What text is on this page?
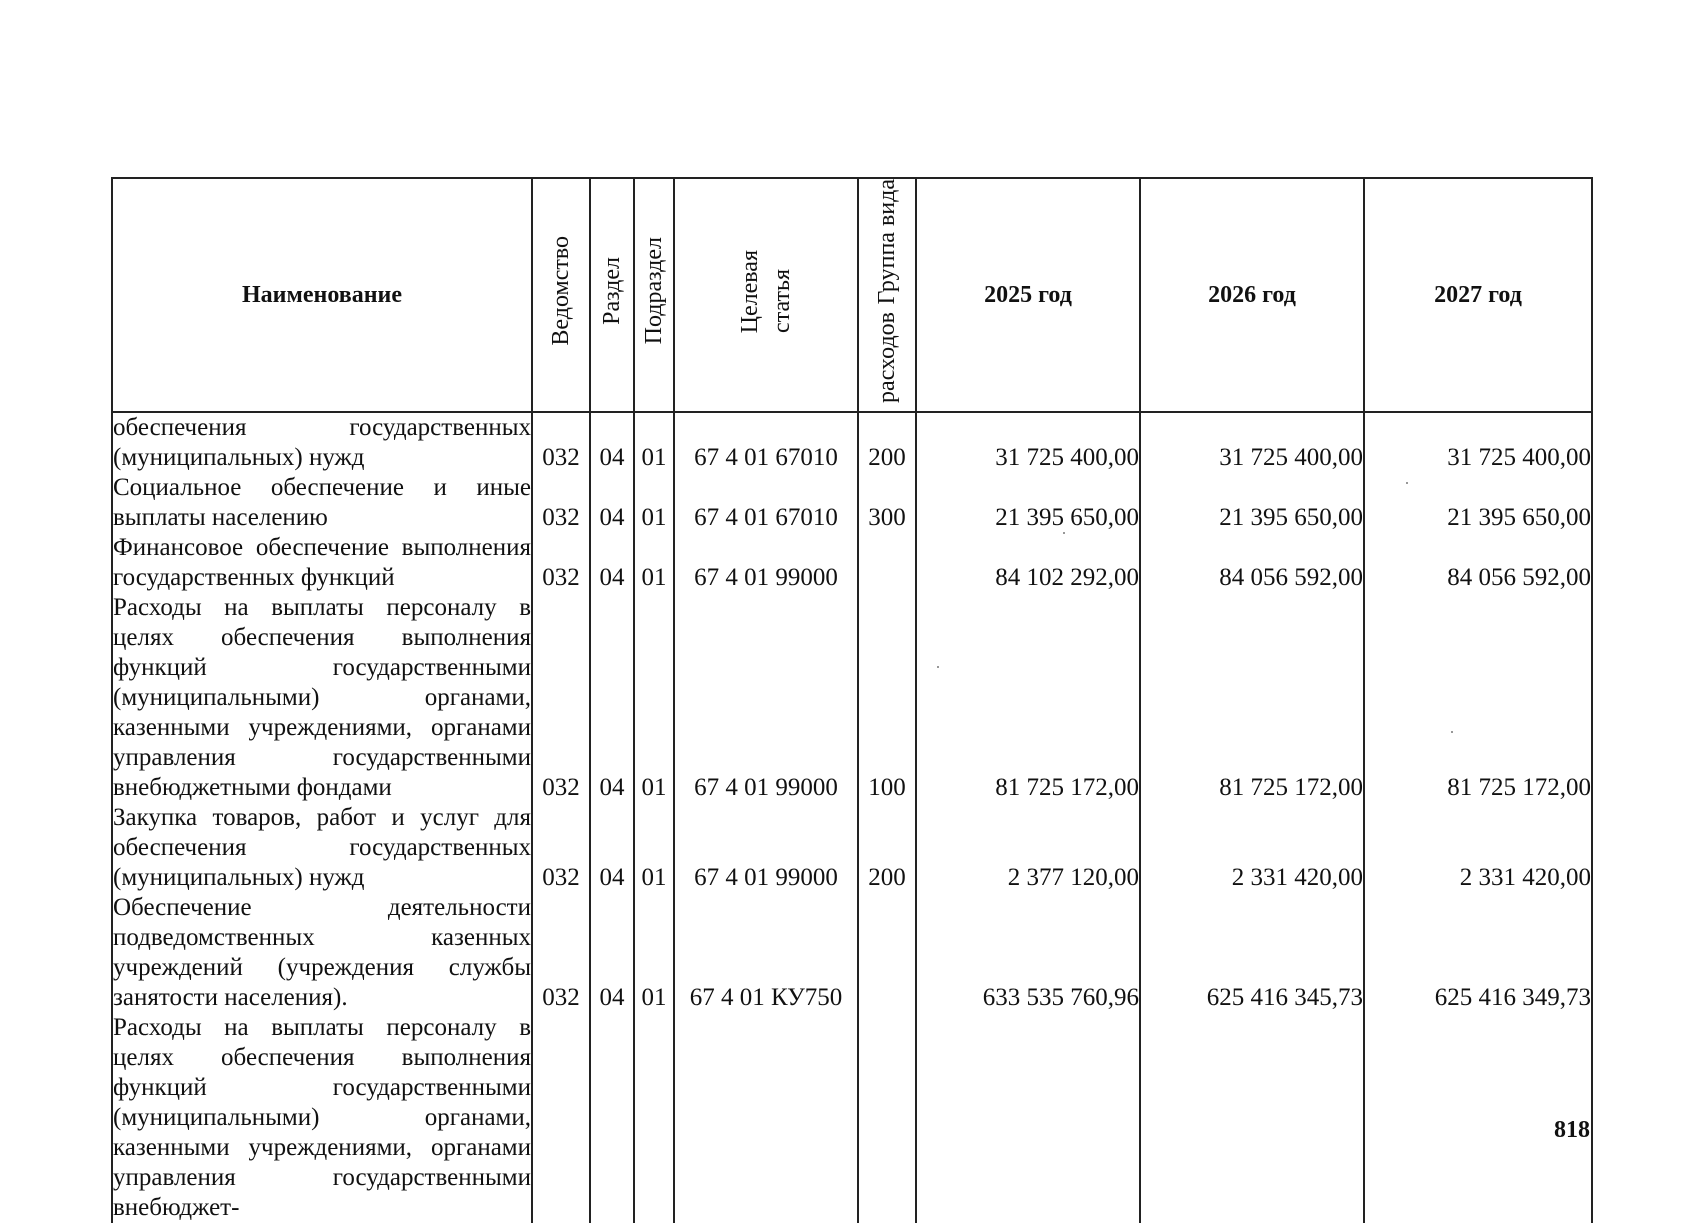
Наименование	Ведомство	Раздел	Подраздел	Целевая статья	Группа вида расходов	2025 год	2026 год	2027 год

обеспечения государственных (муниципальных) нужд	032	04	01	67 4 01 67010	200	31 725 400,00	31 725 400,00	31 725 400,00

Социальное обеспечение и иные выплаты населению	032	04	01	67 4 01 67010	300	21 395 650,00	21 395 650,00	21 395 650,00

Финансовое обеспечение выполнения государственных функций	032	04	01	67 4 01 99000		84 102 292,00	84 056 592,00	84 056 592,00

Расходы на выплаты персоналу в целях обеспечения выполнения функций государственными (муниципальными) органами, казенными учреждениями, органами управления государственными внебюджетными фондами	032	04	01	67 4 01 99000	100	81 725 172,00	81 725 172,00	81 725 172,00

Закупка товаров, работ и услуг для обеспечения государственных (муниципальных) нужд	032	04	01	67 4 01 99000	200	2 377 120,00	2 331 420,00	2 331 420,00

Обеспечение деятельности подведомственных казенных учреждений (учреждения службы занятости населения).	032	04	01	67 4 01 КУ750		633 535 760,96	625 416 345,73	625 416 349,73

Расходы на выплаты персоналу в целях обеспечения выполнения функций государственными (муниципальными) органами, казенными учреждениями, органами управления государственными внебюджет-								

818
